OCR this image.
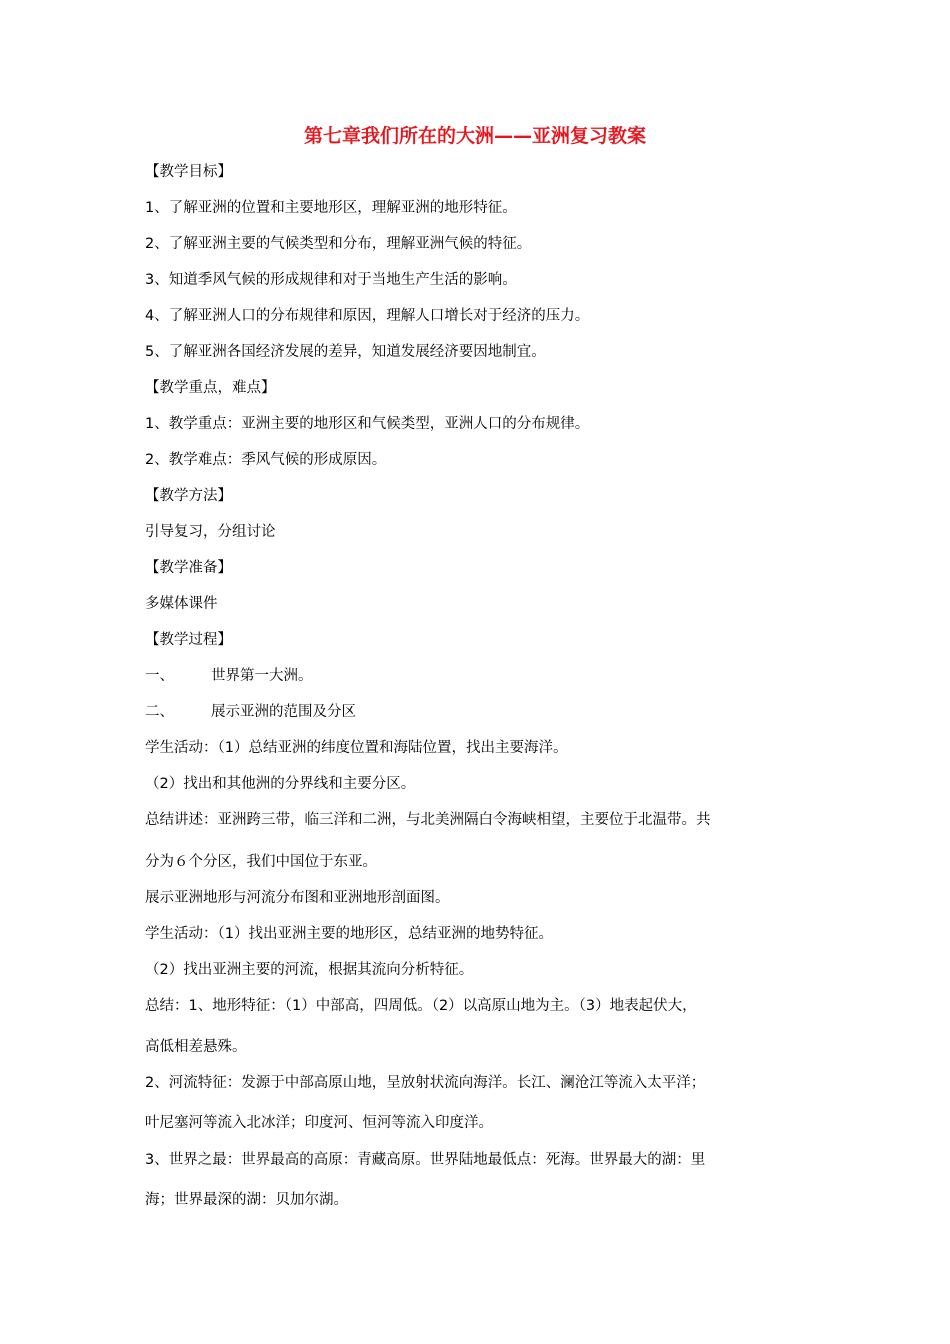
第七章我们所在的大洲——亚洲复习教案
【教学目标】
1、了解亚洲的位置和主要地形区，理解亚洲的地形特征。
2、了解亚洲主要的气候类型和分布，理解亚洲气候的特征。
3、知道季风气候的形成规律和对于当地生产生活的影响。
4、了解亚洲人口的分布规律和原因，理解人口增长对于经济的压力。
5、了解亚洲各国经济发展的差异，知道发展经济要因地制宜。
【教学重点，难点】
1、教学重点：亚洲主要的地形区和气候类型，亚洲人口的分布规律。
2、教学难点：季风气候的形成原因。
【教学方法】
引导复习，分组讨论
【教学准备】
多媒体课件
【教学过程】
一、	世界第一大洲。
二、	展示亚洲的范围及分区
学生活动：（1）总结亚洲的纬度位置和海陆位置，找出主要海洋。
（2）找出和其他洲的分界线和主要分区。
总结讲述：亚洲跨三带，临三洋和二洲，与北美洲隔白令海峡相望，主要位于北温带。共
分为６个分区，我们中国位于东亚。
展示亚洲地形与河流分布图和亚洲地形剖面图。
学生活动：（1）找出亚洲主要的地形区，总结亚洲的地势特征。
（2）找出亚洲主要的河流，根据其流向分析特征。
总结：1、地形特征：（1）中部高，四周低。（2）以高原山地为主。（3）地表起伏大，
高低相差悬殊。
2、河流特征：发源于中部高原山地，呈放射状流向海洋。长江、澜沧江等流入太平洋；
叶尼塞河等流入北冰洋；印度河、恒河等流入印度洋。
3、世界之最：世界最高的高原：青藏高原。世界陆地最低点：死海。世界最大的湖：里
海；世界最深的湖：贝加尔湖。
